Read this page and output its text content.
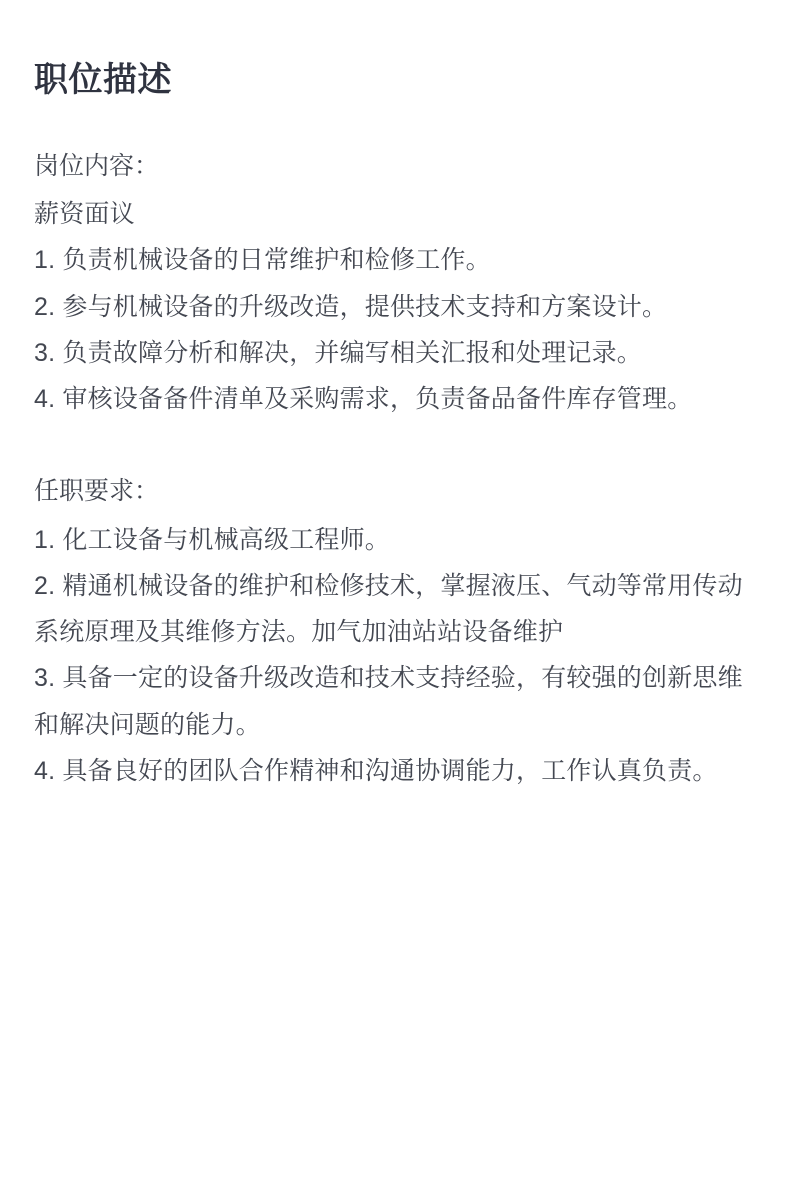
职位描述
岗位内容：

薪资面议

1. 负责机械设备的日常维护和检修工作。

2. 参与机械设备的升级改造，提供技术支持和方案设计。

3. 负责故障分析和解决，并编写相关汇报和处理记录。

4. 审核设备备件清单及采购需求，负责备品备件库存管理。

任职要求：

1. 化工设备与机械高级工程师。

2. 精通机械设备的维护和检修技术，掌握液压、气动等常用传动系统原理及其维修方法。加气加油站站设备维护

3. 具备一定的设备升级改造和技术支持经验，有较强的创新思维和解决问题的能力。

4. 具备良好的团队合作精神和沟通协调能力，工作认真负责。
